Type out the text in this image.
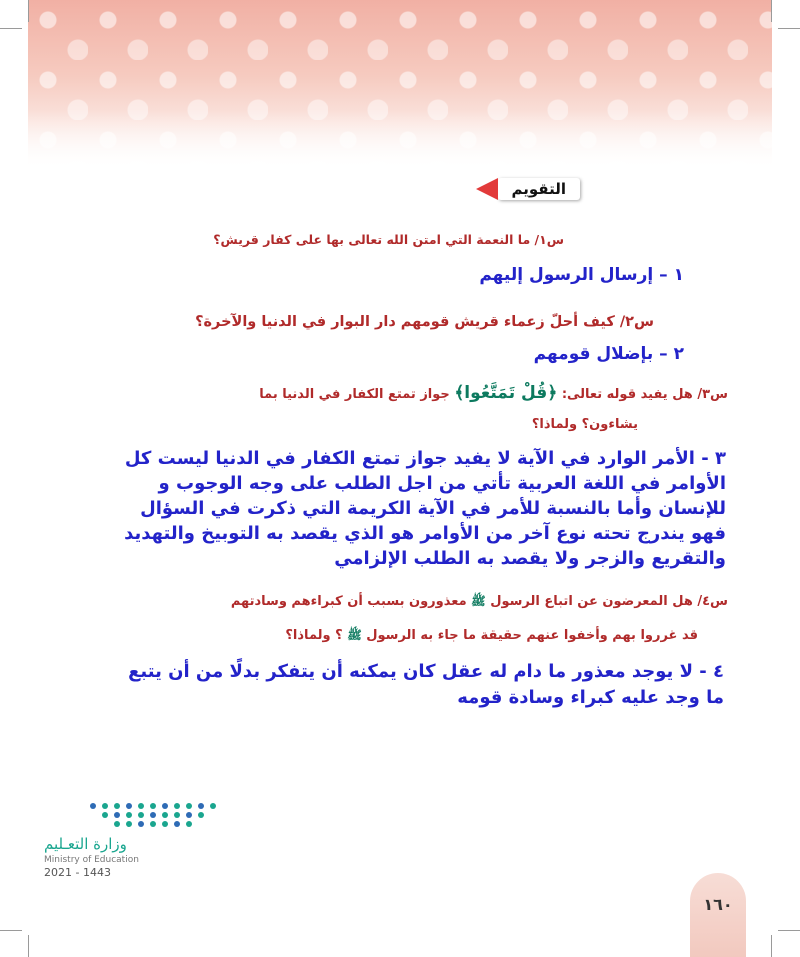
التقويم
س١/ ما النعمة التي امتن الله تعالى بها على كفار قريش؟
١ – إرسال الرسول إليهم
س٢/ كيف أحلّ زعماء قريش قومهم دار البوار في الدنيا والآخرة؟
٢ – بإضلال قومهم
س٣/ هل يفيد قوله تعالى: ﴿قُلْ تَمَتَّعُوا﴾ جواز تمتع الكفار في الدنيا بما
يشاءون؟ ولماذا؟
٣ - الأمر الوارد في الآية لا يفيد جواز تمتع الكفار في الدنيا ليست كل الأوامر في اللغة العربية تأتي من اجل الطلب على وجه الوجوب و للإنسان وأما بالنسبة للأمر في الآية الكريمة التي ذكرت في السؤال فهو يندرج تحته نوع آخر من الأوامر هو الذي يقصد به التوبيخ والتهديد والتقريع والزجر ولا يقصد به الطلب الإلزامي
س٤/ هل المعرضون عن اتباع الرسول ﷺ معذورون بسبب أن كبراءهم وسادتهم
قد غرروا بهم وأخفوا عنهم حقيقة ما جاء به الرسول ﷺ ؟ ولماذا؟
٤ - لا يوجد معذور ما دام له عقل كان يمكنه أن يتفكر بدلًا من أن يتبع ما وجد عليه كبراء وسادة قومه
وزارة التعـليم
Ministry of Education
2021 - 1443
١٦٠
